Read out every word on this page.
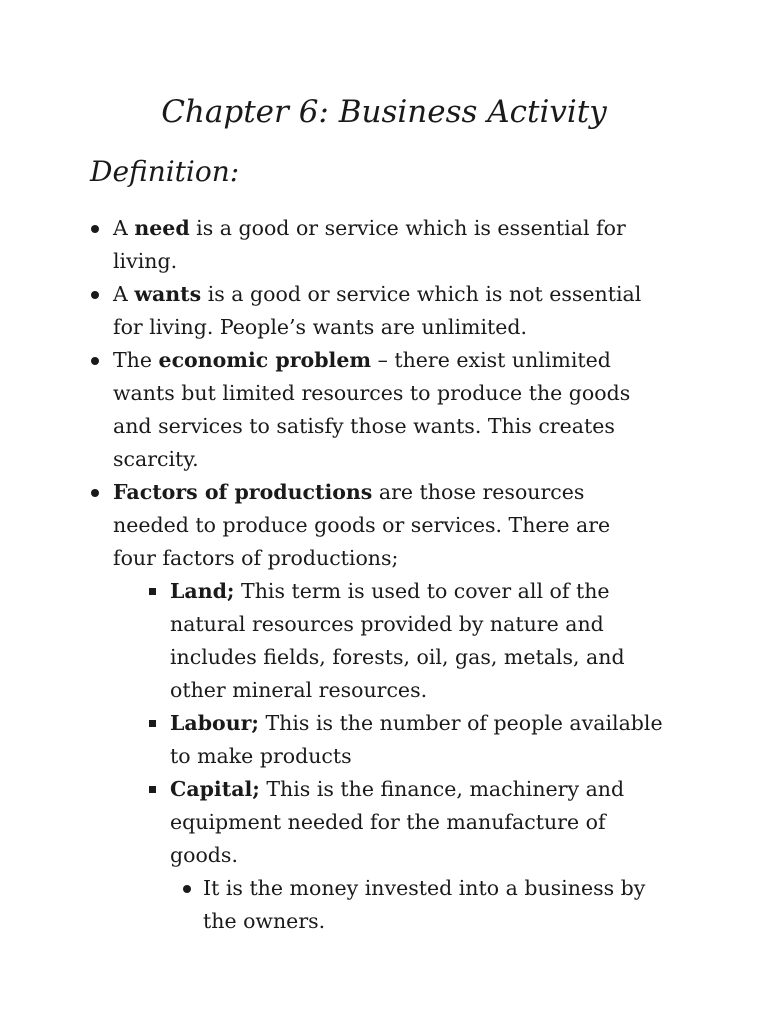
Chapter 6: Business Activity
Definition:
A need is a good or service which is essential for living.
A wants is a good or service which is not essential for living. People’s wants are unlimited.
The economic problem – there exist unlimited wants but limited resources to produce the goods and services to satisfy those wants. This creates scarcity.
Factors of productions are those resources needed to produce goods or services. There are four factors of productions;
Land; This term is used to cover all of the natural resources provided by nature and includes fields, forests, oil, gas, metals, and other mineral resources.
Labour; This is the number of people available to make products
Capital; This is the finance, machinery and equipment needed for the manufacture of goods.
It is the money invested into a business by the owners.
